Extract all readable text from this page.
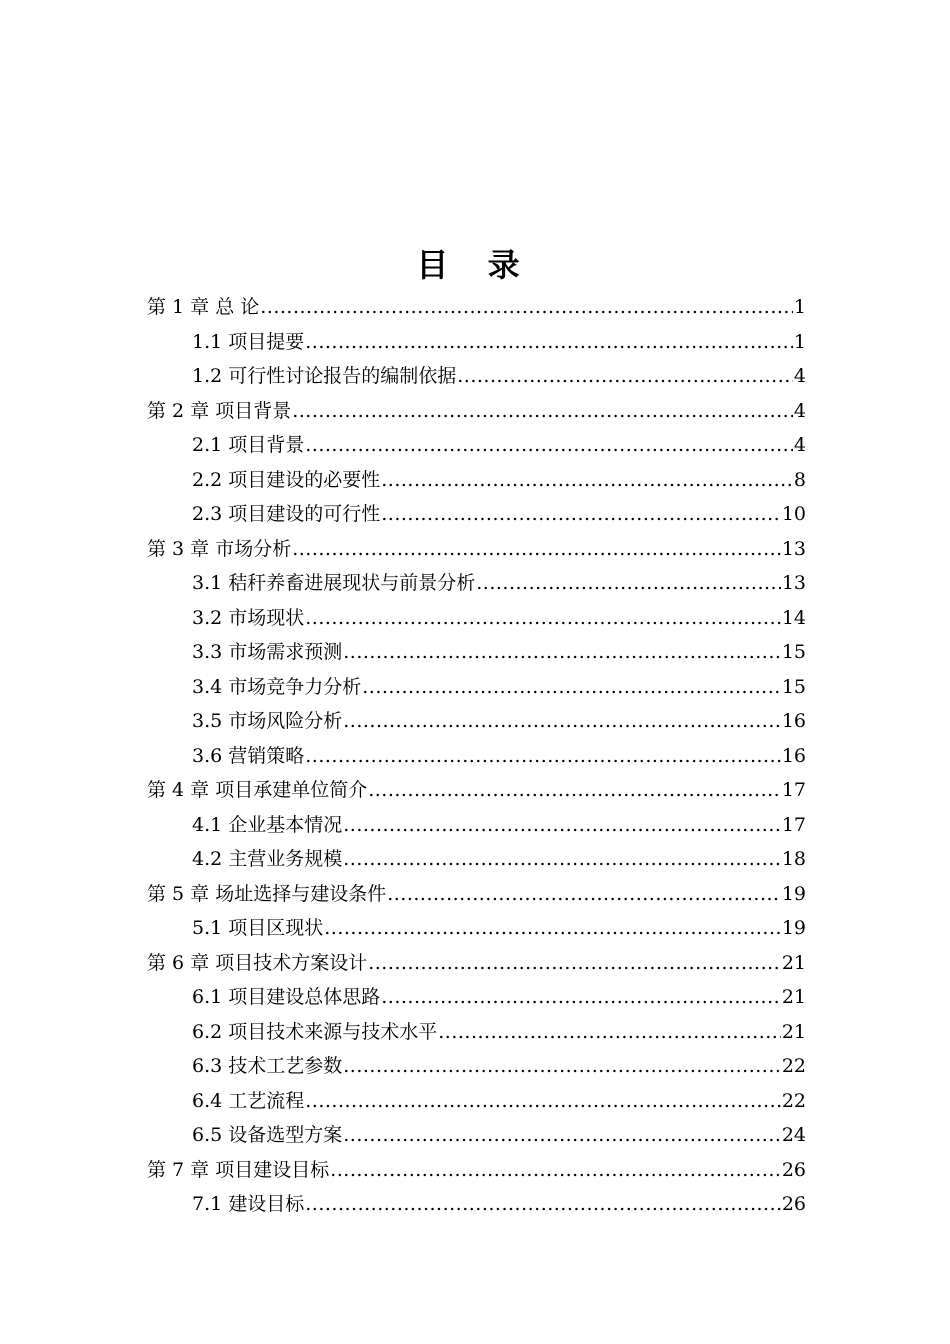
目 录
第 1 章 总 论 .....	1
1.1 项目提要 .....	1
1.2 可行性讨论报告的编制依据 .....	4
第 2 章 项目背景 .....	4
2.1 项目背景 .....	4
2.2 项目建设的必要性 .....	8
2.3 项目建设的可行性 .....	10
第 3 章 市场分析 .....	13
3.1 秸秆养畜进展现状与前景分析 .....	13
3.2 市场现状 .....	14
3.3 市场需求预测 .....	15
3.4 市场竞争力分析 .....	15
3.5 市场风险分析 .....	16
3.6 营销策略 .....	16
第 4 章 项目承建单位简介 .....	17
4.1 企业基本情况 .....	17
4.2 主营业务规模 .....	18
第 5 章 场址选择与建设条件 .....	19
5.1 项目区现状 .....	19
第 6 章 项目技术方案设计 .....	21
6.1 项目建设总体思路 .....	21
6.2 项目技术来源与技术水平 .....	21
6.3 技术工艺参数 .....	22
6.4 工艺流程 .....	22
6.5 设备选型方案 .....	24
第 7 章 项目建设目标 .....	26
7.1 建设目标 .....	26
